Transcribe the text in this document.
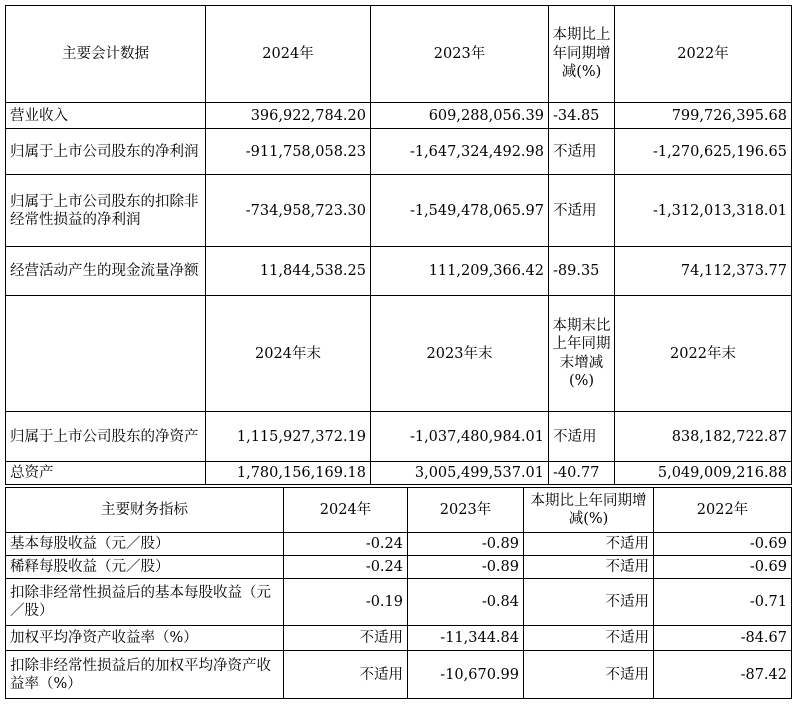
主要会计数据	2024年	2023年	本期比上年同期增减(%)	2022年
营业收入	396,922,784.20	609,288,056.39	-34.85	799,726,395.68
归属于上市公司股东的净利润	-911,758,058.23	-1,647,324,492.98	不适用	-1,270,625,196.65
归属于上市公司股东的扣除非经常性损益的净利润	-734,958,723.30	-1,549,478,065.97	不适用	-1,312,013,318.01
经营活动产生的现金流量净额	11,844,538.25	111,209,366.42	-89.35	74,112,373.77
	2024年末	2023年末	本期末比上年同期末增减(%)	2022年末
归属于上市公司股东的净资产	1,115,927,372.19	-1,037,480,984.01	不适用	838,182,722.87
总资产	1,780,156,169.18	3,005,499,537.01	-40.77	5,049,009,216.88
主要财务指标	2024年	2023年	本期比上年同期增减(%)	2022年
基本每股收益（元／股）	-0.24	-0.89	不适用	-0.69
稀释每股收益（元／股）	-0.24	-0.89	不适用	-0.69
扣除非经常性损益后的基本每股收益（元／股）	-0.19	-0.84	不适用	-0.71
加权平均净资产收益率（%）	不适用	-11,344.84	不适用	-84.67
扣除非经常性损益后的加权平均净资产收益率（%）	不适用	-10,670.99	不适用	-87.42
